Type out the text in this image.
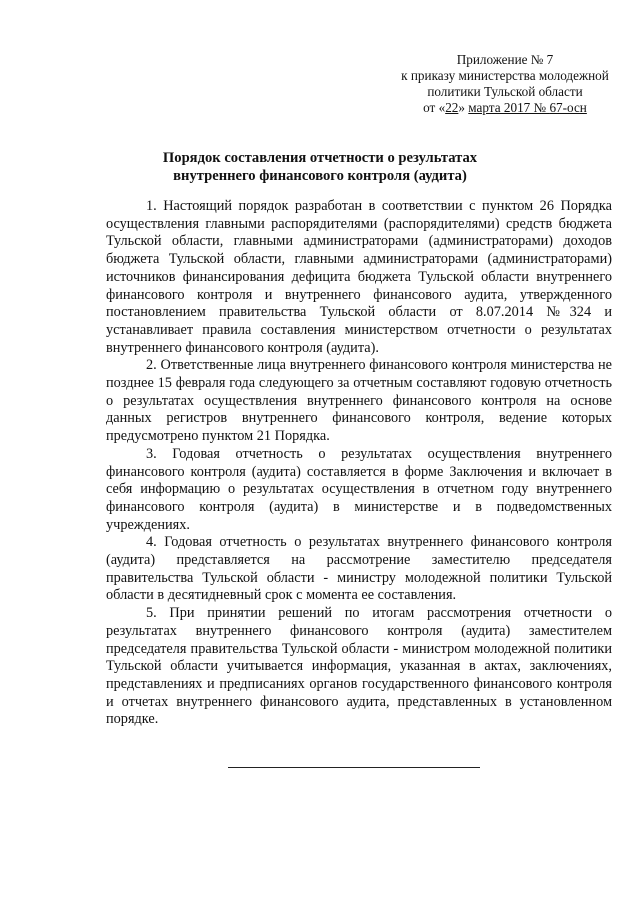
Приложение № 7
к приказу министерства молодежной
политики Тульской области
от «22» марта 2017 № 67-осн
Порядок составления отчетности о результатах
внутреннего финансового контроля (аудита)

1. Настоящий порядок разработан в соответствии с пунктом 26 Порядка осуществления главными распорядителями (распорядителями) средств бюджета Тульской области, главными администраторами (администраторами) доходов бюджета Тульской области, главными администраторами (администраторами) источников финансирования дефицита бюджета Тульской области внутреннего финансового контроля и внутреннего финансового аудита, утвержденного постановлением правительства Тульской области от 8.07.2014 №324 и устанавливает правила составления министерством отчетности о результатах внутреннего финансового контроля (аудита).

2. Ответственные лица внутреннего финансового контроля министерства не позднее 15 февраля года следующего за отчетным составляют годовую отчетность о результатах осуществления внутреннего финансового контроля на основе данных регистров внутреннего финансового контроля, ведение которых предусмотрено пунктом 21 Порядка.

3. Годовая отчетность о результатах осуществления внутреннего финансового контроля (аудита) составляется в форме Заключения и включает в себя информацию о результатах осуществления в отчетном году внутреннего финансового контроля (аудита) в министерстве и в подведомственных учреждениях.

4. Годовая отчетность о результатах внутреннего финансового контроля (аудита) представляется на рассмотрение заместителю председателя правительства Тульской области - министру молодежной политики Тульской области в десятидневный срок с момента ее составления.

5. При принятии решений по итогам рассмотрения отчетности о результатах внутреннего финансового контроля (аудита) заместителем председателя правительства Тульской области - министром молодежной политики Тульской области учитывается информация, указанная в актах, заключениях, представлениях и предписаниях органов государственного финансового контроля и отчетах внутреннего финансового аудита, представленных в установленном порядке.
